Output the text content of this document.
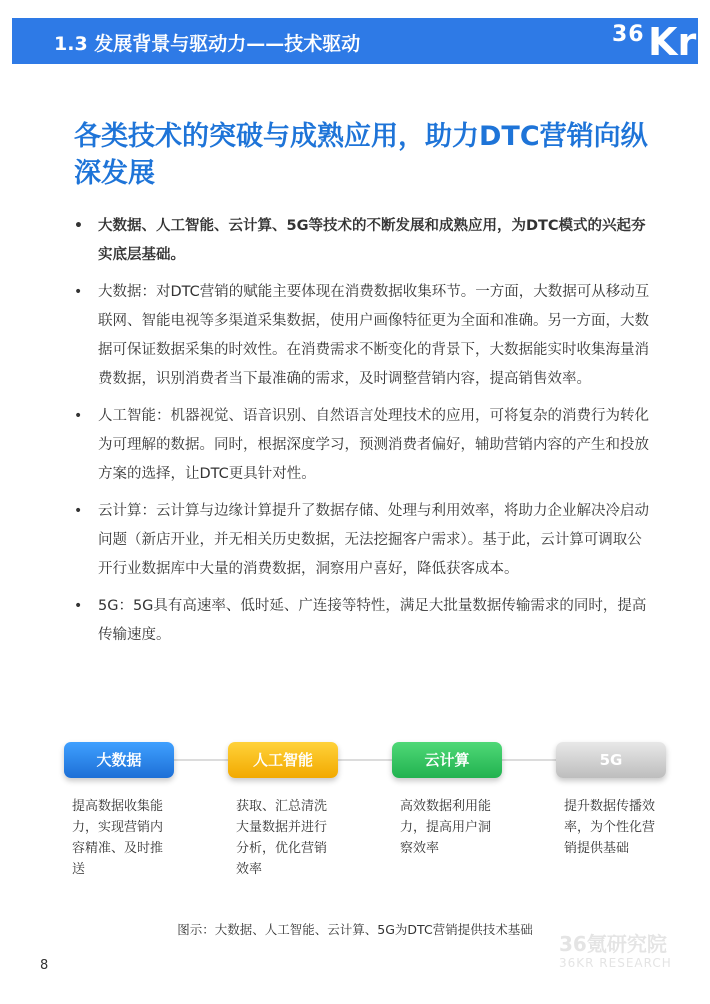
1.3 发展背景与驱动力——技术驱动	36 Kr
各类技术的突破与成熟应用，助力DTC营销向纵深发展
• 大数据、人工智能、云计算、5G等技术的不断发展和成熟应用，为DTC模式的兴起夯实底层基础。
• 大数据：对DTC营销的赋能主要体现在消费数据收集环节。一方面，大数据可从移动互联网、智能电视等多渠道采集数据，使用户画像特征更为全面和准确。另一方面，大数据可保证数据采集的时效性。在消费需求不断变化的背景下，大数据能实时收集海量消费数据，识别消费者当下最准确的需求，及时调整营销内容，提高销售效率。
• 人工智能：机器视觉、语音识别、自然语言处理技术的应用，可将复杂的消费行为转化为可理解的数据。同时，根据深度学习，预测消费者偏好，辅助营销内容的产生和投放方案的选择，让DTC更具针对性。
• 云计算：云计算与边缘计算提升了数据存储、处理与利用效率，将助力企业解决冷启动问题（新店开业，并无相关历史数据，无法挖掘客户需求）。基于此，云计算可调取公开行业数据库中大量的消费数据，洞察用户喜好，降低获客成本。
• 5G：5G具有高速率、低时延、广连接等特性，满足大批量数据传输需求的同时，提高传输速度。
大数据	人工智能	云计算	5G
提高数据收集能力，实现营销内容精准、及时推送
获取、汇总清洗大量数据并进行分析，优化营销效率
高效数据利用能力，提高用户洞察效率
提升数据传播效率，为个性化营销提供基础
图示：大数据、人工智能、云计算、5G为DTC营销提供技术基础
36氪研究院
36KR RESEARCH
8
